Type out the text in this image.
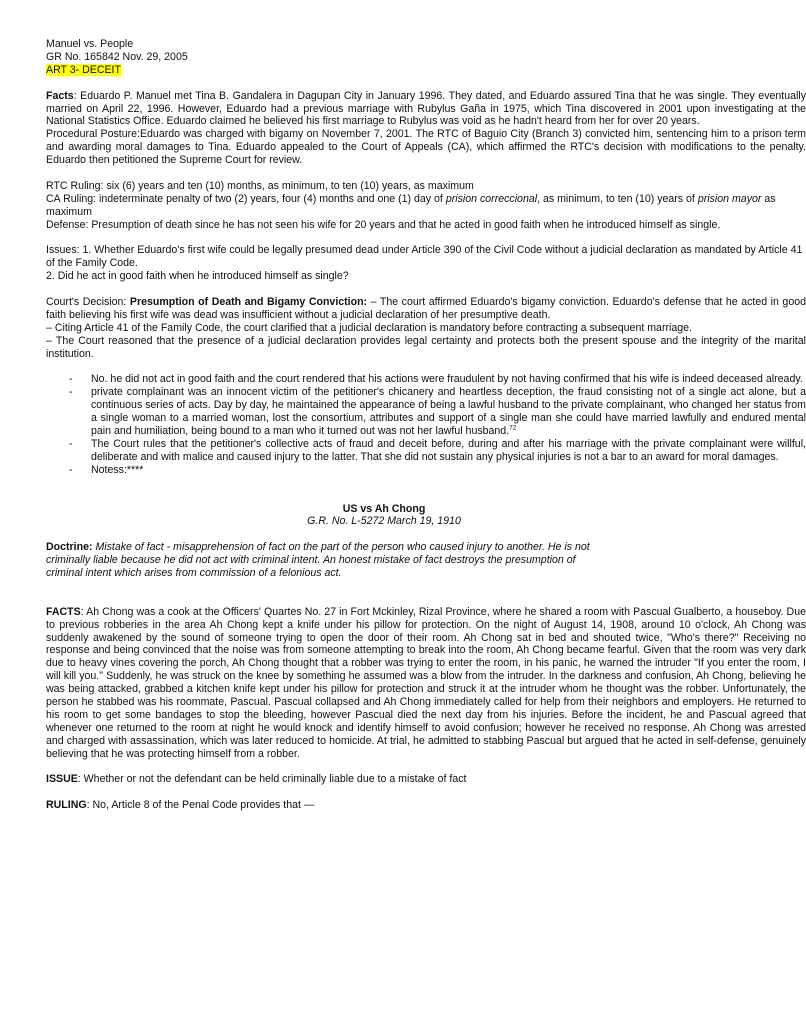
Manuel vs. People

GR No. 165842 Nov. 29, 2005

ART 3- DECEIT

Facts: Eduardo P. Manuel met Tina B. Gandalera in Dagupan City in January 1996. They dated, and Eduardo assured Tina that he was single. They eventually married on April 22, 1996. However, Eduardo had a previous marriage with Rubylus Gaña in 1975, which Tina discovered in 2001 upon investigating at the National Statistics Office. Eduardo claimed he believed his first marriage to Rubylus was void as he hadn't heard from her for over 20 years.

Procedural Posture:Eduardo was charged with bigamy on November 7, 2001. The RTC of Baguio City (Branch 3) convicted him, sentencing him to a prison term and awarding moral damages to Tina. Eduardo appealed to the Court of Appeals (CA), which affirmed the RTC's decision with modifications to the penalty. Eduardo then petitioned the Supreme Court for review.

RTC Ruling: six (6) years and ten (10) months, as minimum, to ten (10) years, as maximum

CA Ruling: indeterminate penalty of two (2) years, four (4) months and one (1) day of prision correccional, as minimum, to ten (10) years of prision mayor as maximum

Defense: Presumption of death since he has not seen his wife for 20 years and that he acted in good faith when he introduced himself as single.

Issues: 1. Whether Eduardo's first wife could be legally presumed dead under Article 390 of the Civil Code without a judicial declaration as mandated by Article 41 of the Family Code.

2. Did he act in good faith when he introduced himself as single?

Court's Decision: Presumption of Death and Bigamy Conviction: – The court affirmed Eduardo's bigamy conviction. Eduardo's defense that he acted in good faith believing his first wife was dead was insufficient without a judicial declaration of her presumptive death.

– Citing Article 41 of the Family Code, the court clarified that a judicial declaration is mandatory before contracting a subsequent marriage.

– The Court reasoned that the presence of a judicial declaration provides legal certainty and protects both the present spouse and the integrity of the marital institution.

- No. he did not act in good faith and the court rendered that his actions were fraudulent by not having confirmed that his wife is indeed deceased already.
- private complainant was an innocent victim of the petitioner's chicanery and heartless deception, the fraud consisting not of a single act alone, but a continuous series of acts. Day by day, he maintained the appearance of being a lawful husband to the private complainant, who changed her status from a single woman to a married woman, lost the consortium, attributes and support of a single man she could have married lawfully and endured mental pain and humiliation, being bound to a man who it turned out was not her lawful husband.$^{72}$
- The Court rules that the petitioner's collective acts of fraud and deceit before, during and after his marriage with the private complainant were willful, deliberate and with malice and caused injury to the latter. That she did not sustain any physical injuries is not a bar to an award for moral damages.
- Notess:****

US vs Ah Chong

G.R. No. L-5272 March 19, 1910

Doctrine: Mistake of fact - misapprehension of fact on the part of the person who caused injury to another. He is not criminally liable because he did not act with criminal intent. An honest mistake of fact destroys the presumption of criminal intent which arises from commission of a felonious act.

FACTS: Ah Chong was a cook at the Officers' Quartes No. 27 in Fort Mckinley, Rizal Province, where he shared a room with Pascual Gualberto, a houseboy. Due to previous robberies in the area Ah Chong kept a knife under his pillow for protection. On the night of August 14, 1908, around 10 o'clock, Ah Chong was suddenly awakened by the sound of someone trying to open the door of their room. Ah Chong sat in bed and shouted twice, "Who's there?" Receiving no response and being convinced that the noise was from someone attempting to break into the room, Ah Chong became fearful. Given that the room was very dark due to heavy vines covering the porch, Ah Chong thought that a robber was trying to enter the room, in his panic, he warned the intruder "If you enter the room, I will kill you." Suddenly, he was struck on the knee by something he assumed was a blow from the intruder. In the darkness and confusion, Ah Chong, believing he was being attacked, grabbed a kitchen knife kept under his pillow for protection and struck it at the intruder whom he thought was the robber. Unfortunately, the person he stabbed was his roommate, Pascual. Pascual collapsed and Ah Chong immediately called for help from their neighbors and employers. He returned to his room to get some bandages to stop the bleeding, however Pascual died the next day from his injuries. Before the incident, he and Pascual agreed that whenever one returned to the room at night he would knock and identify himself to avoid confusion; however he received no response. Ah Chong was arrested and charged with assassination, which was later reduced to homicide. At trial, he admitted to stabbing Pascual but argued that he acted in self-defense, genuinely believing that he was protecting himself from a robber.

ISSUE: Whether or not the defendant can be held criminally liable due to a mistake of fact

RULING: No, Article 8 of the Penal Code provides that —
